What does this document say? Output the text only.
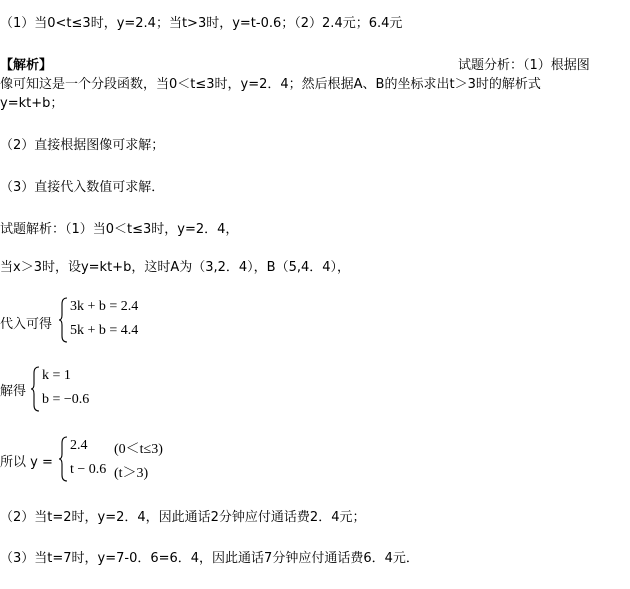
（1）当0<t≤3时，y=2.4；当t>3时，y=t-0.6；（2）2.4元；6.4元
【解析】	试题分析：（1）根据图
像可知这是一个分段函数，当0＜t≤3时，y=2．4；然后根据A、B的坐标求出t＞3时的解析式
y=kt+b；
（2）直接根据图像可求解；
（3）直接代入数值可求解．
试题解析：（1）当0＜t≤3时，y=2．4，
当x＞3时，设y=kt+b，这时A为（3,2．4），B（5,4．4），
代入可得
3k + b = 2.4
5k + b = 4.4
解得
k = 1
b = −0.6
所以 y =
2.4 (0＜t≤3)
t − 0.6 (t＞3)
（2）当t=2时，y=2．4，因此通话2分钟应付通话费2．4元；
（3）当t=7时，y=7-0．6=6．4，因此通话7分钟应付通话费6．4元．
